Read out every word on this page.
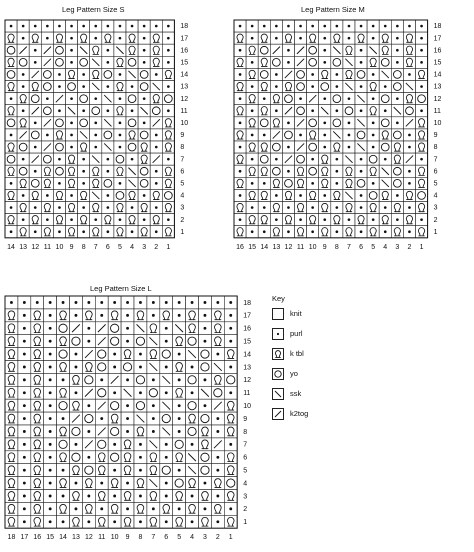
Leg Pattern Size S
18
17
16
15
14
13
12
11
10
9
8
7
6
5
4
3
2
1
14 13 12 11 10 9 8 7 6 5 4 3 2 1
Leg Pattern Size M
18
17
16
15
14
13
12
11
10
9
8
7
6
5
4
3
2
1
16 15 14 13 12 11 10 9 8 7 6 5 4 3 2 1
Leg Pattern Size L
18
17
16
15
14
13
12
11
10
9
8
7
6
5
4
3
2
1
18 17 16 15 14 13 12 11 10 9 8 7 6 5 4 3 2 1
Key
knit
purl
k tbl
yo
ssk
k2tog
